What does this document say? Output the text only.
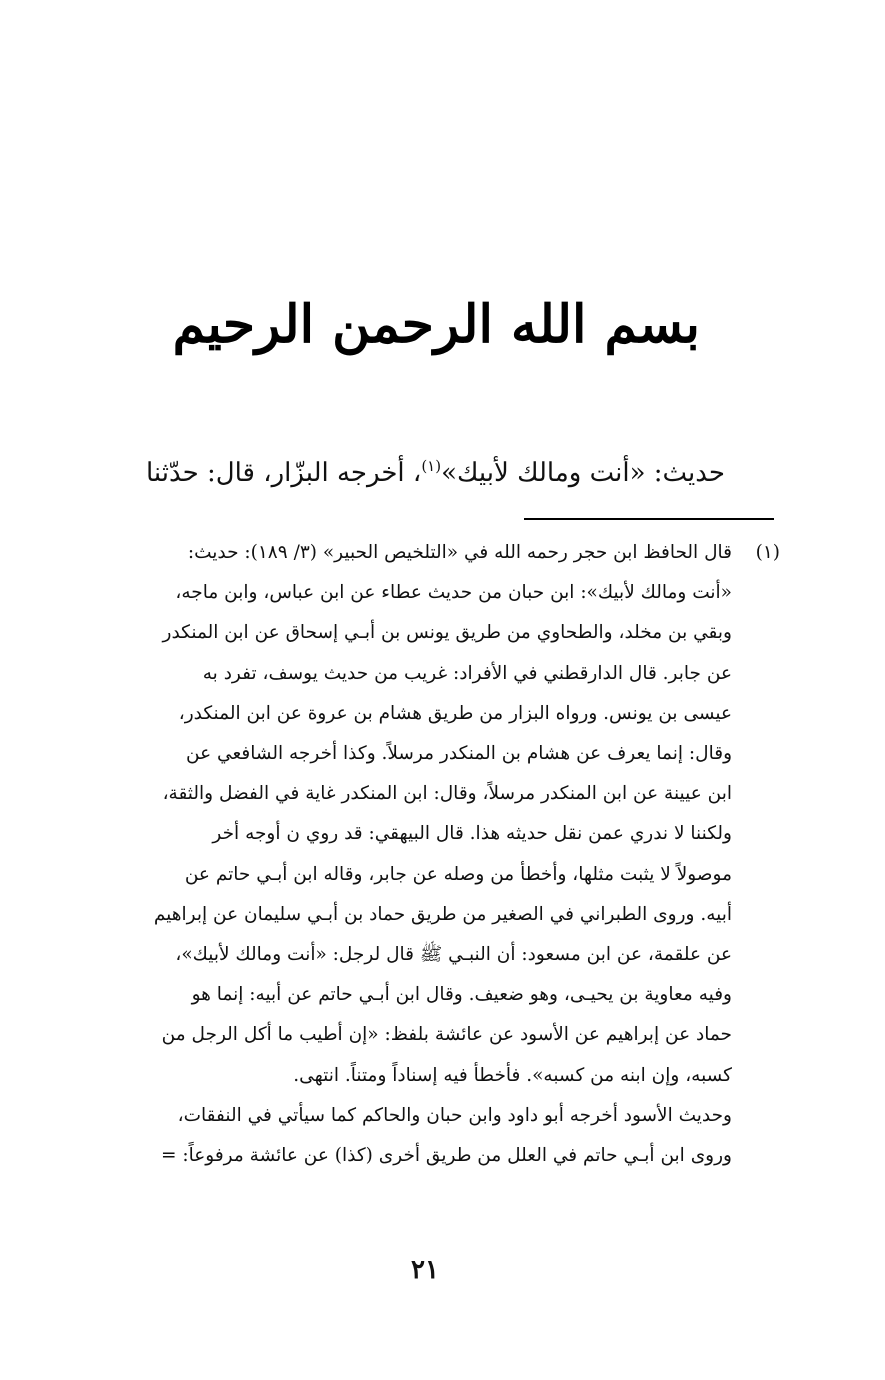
بسم الله الرحمن الرحيم
حديث: «أنت ومالك لأبيك»$^{(١)}$، أخرجه البزّار، قال: حدّثنا
(١)
قال الحافظ ابن حجر رحمه الله في «التلخيص الحبير» (٣/ ١٨٩): حديث:
«أنت ومالك لأبيك»: ابن حبان من حديث عطاء عن ابن عباس، وابن ماجه،
وبقي بن مخلد، والطحاوي من طريق يونس بن أبـي إسحاق عن ابن المنكدر
عن جابر. قال الدارقطني في الأفراد: غريب من حديث يوسف، تفرد به
عيسى بن يونس. ورواه البزار من طريق هشام بن عروة عن ابن المنكدر،
وقال: إنما يعرف عن هشام بن المنكدر مرسلاً. وكذا أخرجه الشافعي عن
ابن عيينة عن ابن المنكدر مرسلاً، وقال: ابن المنكدر غاية في الفضل والثقة،
ولكننا لا ندري عمن نقل حديثه هذا. قال البيهقي: قد روي ن أوجه أخر
موصولاً لا يثبت مثلها، وأخطأ من وصله عن جابر، وقاله ابن أبـي حاتم عن
أبيه. وروى الطبراني في الصغير من طريق حماد بن أبـي سليمان عن إبراهيم
عن علقمة، عن ابن مسعود: أن النبـي ﷺ قال لرجل: «أنت ومالك لأبيك»،
وفيه معاوية بن يحيـى، وهو ضعيف. وقال ابن أبـي حاتم عن أبيه: إنما هو
حماد عن إبراهيم عن الأسود عن عائشة بلفظ: «إن أطيب ما أكل الرجل من
كسبه، وإن ابنه من كسبه». فأخطأ فيه إسناداً ومتناً. انتهى.
وحديث الأسود أخرجه أبو داود وابن حبان والحاكم كما سيأتي في النفقات،
وروى ابن أبـي حاتم في العلل من طريق أخرى (كذا) عن عائشة مرفوعاً: =
٢١
